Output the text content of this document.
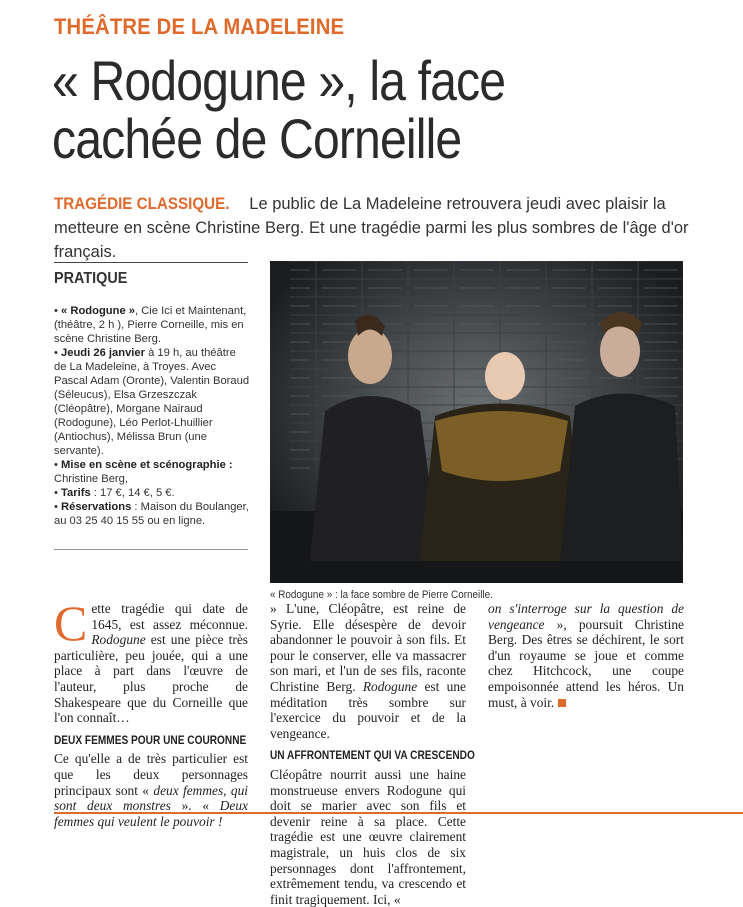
THÉÂTRE DE LA MADELEINE
« Rodogune », la face
cachée de Corneille
TRAGÉDIE CLASSIQUE. Le public de La Madeleine retrouvera jeudi avec plaisir la metteure en scène Christine Berg. Et une tragédie parmi les plus sombres de l'âge d'or français.
PRATIQUE

• « Rodogune », Cie Ici et Maintenant, (théâtre, 2 h ), Pierre Corneille, mis en scène Christine Berg.

• Jeudi 26 janvier à 19 h, au théâtre de La Madeleine, à Troyes. Avec Pascal Adam (Oronte), Valentin Boraud (Séleucus), Elsa Grzeszczak (Cléopâtre), Morgane Nairaud (Rodogune), Léo Perlot-Lhuillier (Antiochus), Mélissa Brun (une servante).

• Mise en scène et scénographie : Christine Berg,

• Tarifs : 17 €, 14 €, 5 €.

• Réservations : Maison du Boulanger, au 03 25 40 15 55 ou en ligne.

« Rodogune » : la face sombre de Pierre Corneille.

Cette tragédie qui date de 1645, est assez méconnue. Rodogune est une pièce très particulière, peu jouée, qui a une place à part dans l'œuvre de l'auteur, plus proche de Shakespeare que du Corneille que l'on connaît…

DEUX FEMMES POUR UNE COURONNE

Ce qu'elle a de très particulier est que les deux personnages principaux sont « deux femmes, qui sont deux monstres ». « Deux femmes qui veulent le pouvoir !

» L'une, Cléopâtre, est reine de Syrie. Elle désespère de devoir abandonner le pouvoir à son fils. Et pour le conserver, elle va massacrer son mari, et l'un de ses fils, raconte Christine Berg. Rodogune est une méditation très sombre sur l'exercice du pouvoir et de la vengeance.

UN AFFRONTEMENT QUI VA CRESCENDO

Cléopâtre nourrit aussi une haine monstrueuse envers Rodogune qui doit se marier avec son fils et devenir reine à sa place. Cette tragédie est une œuvre clairement magistrale, un huis clos de six personnages dont l'affrontement, extrêmement tendu, va crescendo et finit tragiquement. Ici, «

on s'interroge sur la question de vengeance », poursuit Christine Berg. Des êtres se déchirent, le sort d'un royaume se joue et comme chez Hitchcock, une coupe empoisonnée attend les héros. Un must, à voir.
